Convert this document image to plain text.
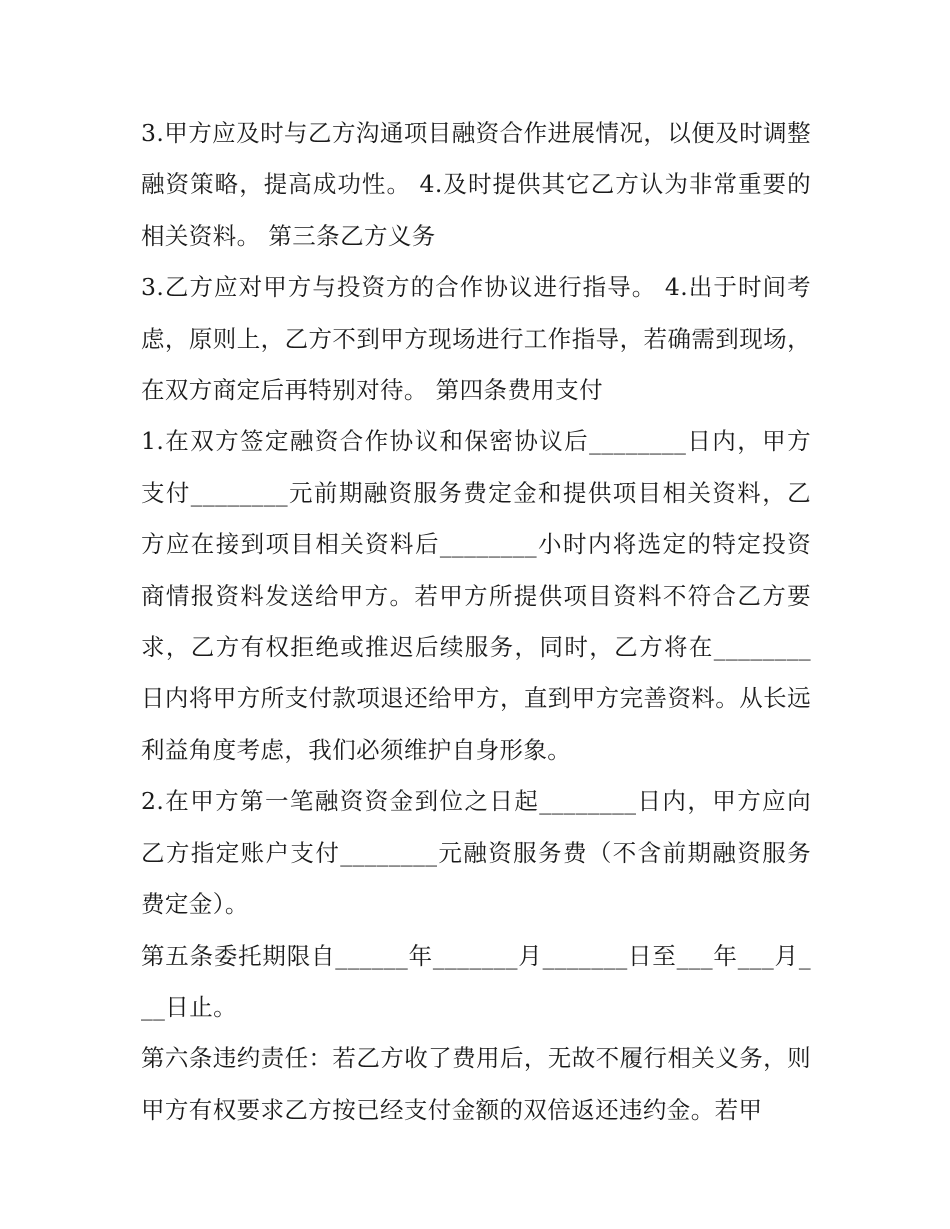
3.甲方应及时与乙方沟通项目融资合作进展情况，以便及时调整融资策略，提高成功性。 4.及时提供其它乙方认为非常重要的相关资料。 第三条乙方义务

3.乙方应对甲方与投资方的合作协议进行指导。 4.出于时间考虑，原则上，乙方不到甲方现场进行工作指导，若确需到现场，在双方商定后再特别对待。 第四条费用支付

1.在双方签定融资合作协议和保密协议后________日内，甲方支付________元前期融资服务费定金和提供项目相关资料，乙方应在接到项目相关资料后________小时内将选定的特定投资商情报资料发送给甲方。若甲方所提供项目资料不符合乙方要求，乙方有权拒绝或推迟后续服务，同时，乙方将在________日内将甲方所支付款项退还给甲方，直到甲方完善资料。从长远利益角度考虑，我们必须维护自身形象。

2.在甲方第一笔融资资金到位之日起________日内，甲方应向乙方指定账户支付________元融资服务费（不含前期融资服务费定金）。

第五条委托期限自______年_______月_______日至___年___月___日止。

第六条违约责任：若乙方收了费用后，无故不履行相关义务，则甲方有权要求乙方按已经支付金额的双倍返还违约金。若甲
